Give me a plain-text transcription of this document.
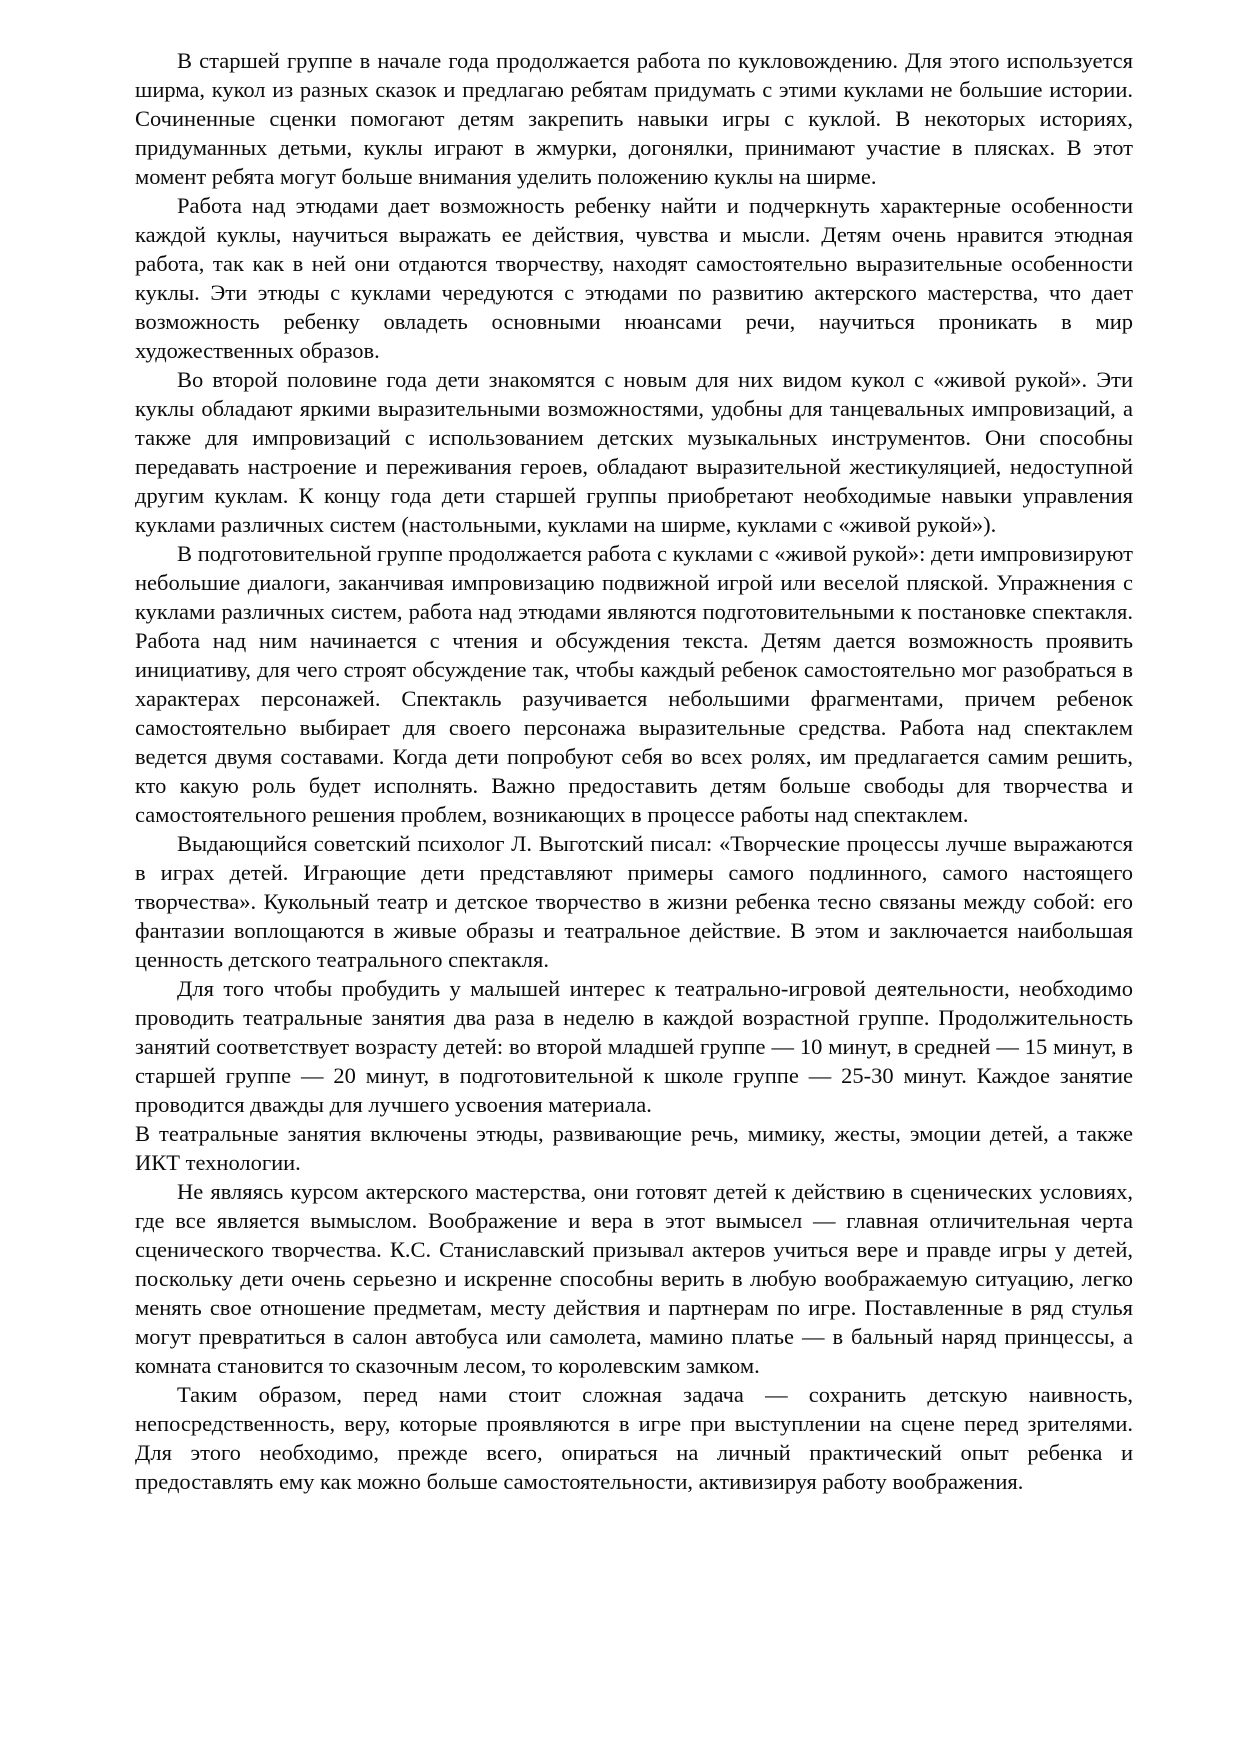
В старшей группе в начале года продолжается работа по кукловождению. Для этого используется ширма, кукол из разных сказок и предлагаю ребятам придумать с этими куклами не большие истории. Сочиненные сценки помогают детям закрепить навыки игры с куклой. В некоторых историях, придуманных детьми, куклы играют в жмурки, догонялки, принимают участие в плясках. В этот момент ребята могут больше внимания уделить положению куклы на ширме.

Работа над этюдами дает возможность ребенку найти и подчеркнуть характерные особенности каждой куклы, научиться выражать ее действия, чувства и мысли. Детям очень нравится этюдная работа, так как в ней они отдаются творчеству, находят самостоятельно выразительные особенности куклы. Эти этюды с куклами чередуются с этюдами по развитию актерского мастерства, что дает возможность ребенку овладеть основными нюансами речи, научиться проникать в мир художественных образов.

Во второй половине года дети знакомятся с новым для них видом кукол с «живой рукой». Эти куклы обладают яркими выразительными возможностями, удобны для танцевальных импровизаций, а также для импровизаций с использованием детских музыкальных инструментов. Они способны передавать настроение и переживания героев, обладают выразительной жестикуляцией, недоступной другим куклам. К концу года дети старшей группы приобретают необходимые навыки управления куклами различных систем (настольными, куклами на ширме, куклами с «живой рукой»).

В подготовительной группе продолжается работа с куклами с «живой рукой»: дети импровизируют небольшие диалоги, заканчивая импровизацию подвижной игрой или веселой пляской. Упражнения с куклами различных систем, работа над этюдами являются подготовительными к постановке спектакля. Работа над ним начинается с чтения и обсуждения текста. Детям дается возможность проявить инициативу, для чего строят обсуждение так, чтобы каждый ребенок самостоятельно мог разобраться в характерах персонажей. Спектакль разучивается небольшими фрагментами, причем ребенок самостоятельно выбирает для своего персонажа выразительные средства. Работа над спектаклем ведется двумя составами. Когда дети попробуют себя во всех ролях, им предлагается самим решить, кто какую роль будет исполнять. Важно предоставить детям больше свободы для творчества и самостоятельного решения проблем, возникающих в процессе работы над спектаклем.

Выдающийся советский психолог Л. Выготский писал: «Творческие процессы лучше выражаются в играх детей. Играющие дети представляют примеры самого подлинного, самого настоящего творчества». Кукольный театр и детское творчество в жизни ребенка тесно связаны между собой: его фантазии воплощаются в живые образы и театральное действие. В этом и заключается наибольшая ценность детского театрального спектакля.

Для того чтобы пробудить у малышей интерес к театрально-игровой деятельности, необходимо проводить театральные занятия два раза в неделю в каждой возрастной группе. Продолжительность занятий соответствует возрасту детей: во второй младшей группе — 10 минут, в средней — 15 минут, в старшей группе — 20 минут, в подготовительной к школе группе — 25-30 минут. Каждое занятие проводится дважды для лучшего усвоения материала.

В театральные занятия включены этюды, развивающие речь, мимику, жесты, эмоции детей, а также ИКТ технологии.

Не являясь курсом актерского мастерства, они готовят детей к действию в сценических условиях, где все является вымыслом. Воображение и вера в этот вымысел — главная отличительная черта сценического творчества. К.С. Станиславский призывал актеров учиться вере и правде игры у детей, поскольку дети очень серьезно и искренне способны верить в любую воображаемую ситуацию, легко менять свое отношение предметам, месту действия и партнерам по игре. Поставленные в ряд стулья могут превратиться в салон автобуса или самолета, мамино платье — в бальный наряд принцессы, а комната становится то сказочным лесом, то королевским замком.

Таким образом, перед нами стоит сложная задача — сохранить детскую наивность, непосредственность, веру, которые проявляются в игре при выступлении на сцене перед зрителями. Для этого необходимо, прежде всего, опираться на личный практический опыт ребенка и предоставлять ему как можно больше самостоятельности, активизируя работу воображения.
